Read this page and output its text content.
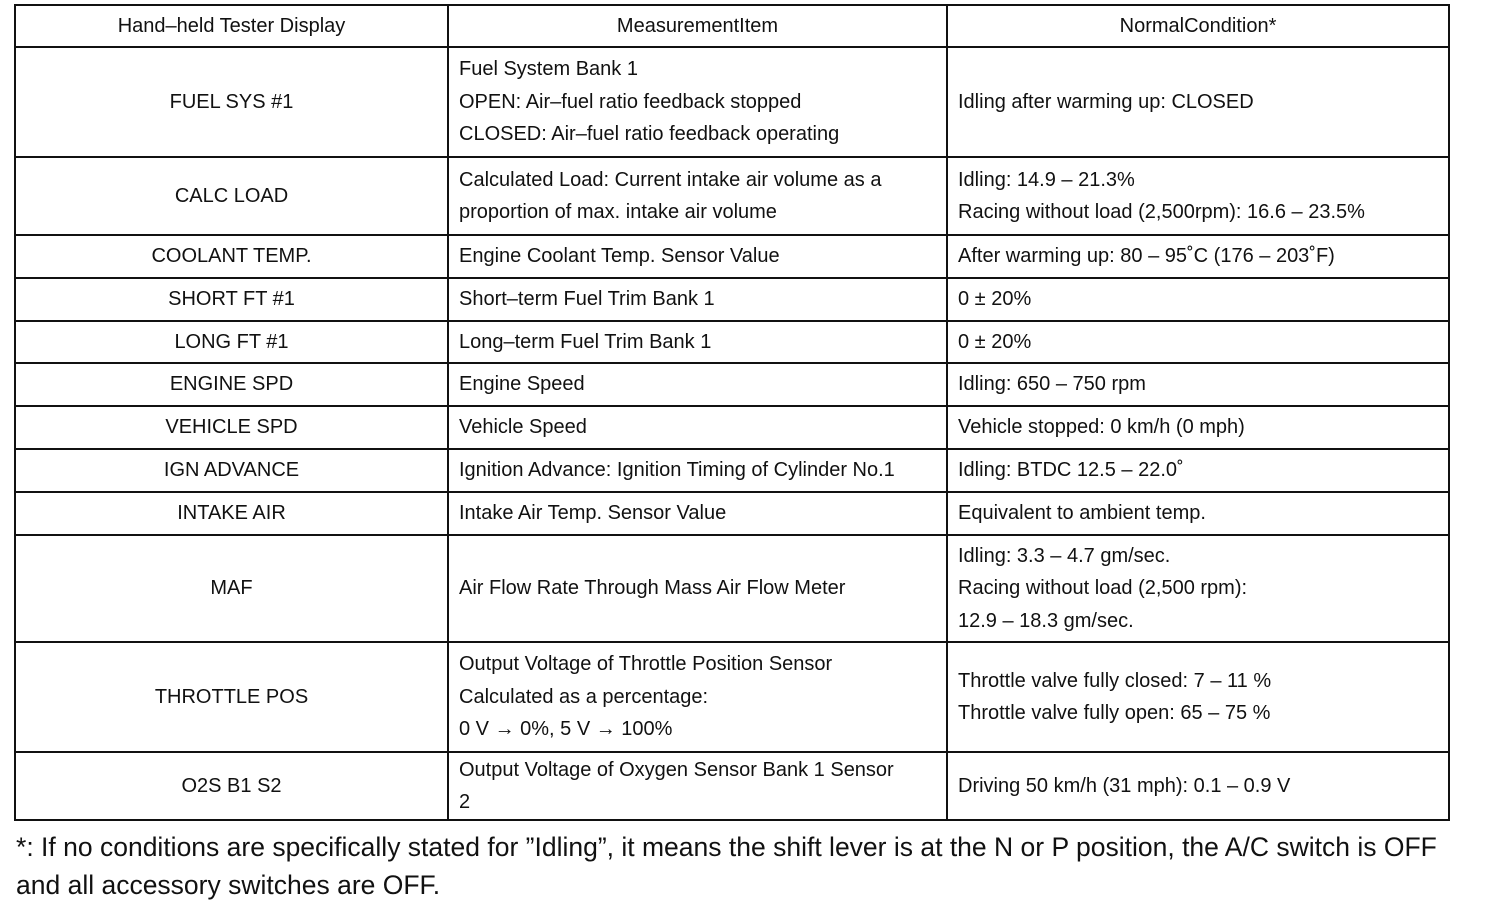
Hand–held Tester Display	MeasurementItem	NormalCondition*
FUEL SYS #1	Fuel System Bank 1
OPEN: Air–fuel ratio feedback stopped
CLOSED: Air–fuel ratio feedback operating	Idling after warming up: CLOSED

CALC LOAD	Calculated Load: Current intake air volume as a
proportion of max. intake air volume	Idling: 14.9 – 21.3%
Racing without load (2,500rpm): 16.6 – 23.5%

COOLANT TEMP.	Engine Coolant Temp. Sensor Value	After warming up: 80 – 95˚C (176 – 203˚F)

SHORT FT #1	Short–term Fuel Trim Bank 1	0 ± 20%

LONG FT #1	Long–term Fuel Trim Bank 1	0 ± 20%

ENGINE SPD	Engine Speed	Idling: 650 – 750 rpm

VEHICLE SPD	Vehicle Speed	Vehicle stopped: 0 km/h (0 mph)

IGN ADVANCE	Ignition Advance: Ignition Timing of Cylinder No.1	Idling: BTDC 12.5 – 22.0˚

INTAKE AIR	Intake Air Temp. Sensor Value	Equivalent to ambient temp.

MAF	Air Flow Rate Through Mass Air Flow Meter	Idling: 3.3 – 4.7 gm/sec.
Racing without load (2,500 rpm):
12.9 – 18.3 gm/sec.

THROTTLE POS	Output Voltage of Throttle Position Sensor
Calculated as a percentage:
0 V → 0%, 5 V → 100%	Throttle valve fully closed: 7 – 11 %
Throttle valve fully open: 65 – 75 %

O2S B1 S2	Output Voltage of Oxygen Sensor Bank 1 Sensor
2	Driving 50 km/h (31 mph): 0.1 – 0.9 V
*: If no conditions are specifically stated for ”Idling”, it means the shift lever is at the N or P position, the A/C switch is OFF and all accessory switches are OFF.
